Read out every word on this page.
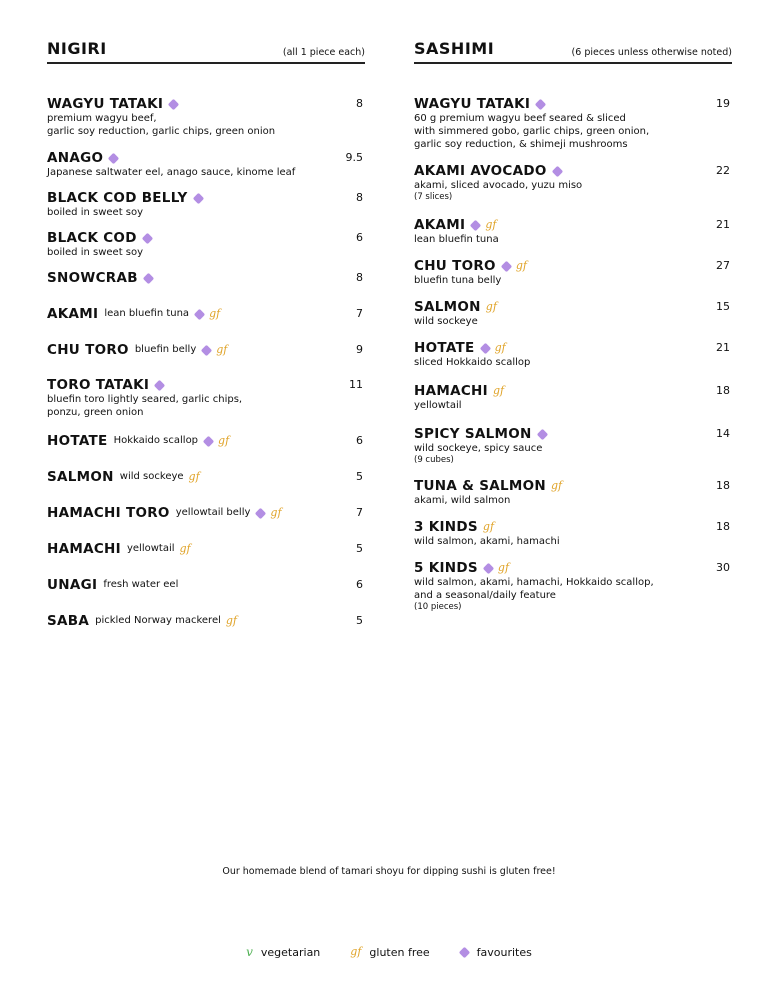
NIGIRI	(all 1 piece each)
WAGYU TATAKI
premium wagyu beef,
garlic soy reduction, garlic chips, green onion
8
ANAGO
Japanese saltwater eel, anago sauce, kinome leaf
9.5
BLACK COD BELLY
boiled in sweet soy
8
BLACK COD
boiled in sweet soy
6
SNOWCRAB	8
AKAMI lean bluefin tuna gf	7
CHU TORO bluefin belly gf	9
TORO TATAKI
bluefin toro lightly seared, garlic chips,
ponzu, green onion
11
HOTATE Hokkaido scallop gf	6
SALMON wild sockeye gf	5
HAMACHI TORO yellowtail belly gf	7
HAMACHI yellowtail gf	5
UNAGI fresh water eel	6
SABA pickled Norway mackerel gf	5
SASHIMI	(6 pieces unless otherwise noted)
WAGYU TATAKI
60 g premium wagyu beef seared & sliced
with simmered gobo, garlic chips, green onion,
garlic soy reduction, & shimeji mushrooms
19
AKAMI AVOCADO
akami, sliced avocado, yuzu miso
(7 slices)
22
AKAMI gf
lean bluefin tuna
21
CHU TORO gf
bluefin tuna belly
27
SALMON gf
wild sockeye
15
HOTATE gf
sliced Hokkaido scallop
21
HAMACHI gf
yellowtail
18
SPICY SALMON
wild sockeye, spicy sauce
(9 cubes)
14
TUNA & SALMON gf
akami, wild salmon
18
3 KINDS gf
wild salmon, akami, hamachi
18
5 KINDS gf
wild salmon, akami, hamachi, Hokkaido scallop,
and a seasonal/daily feature
(10 pieces)
30
Our homemade blend of tamari shoyu for dipping sushi is gluten free!
v vegetarian	gf gluten free	favourites
